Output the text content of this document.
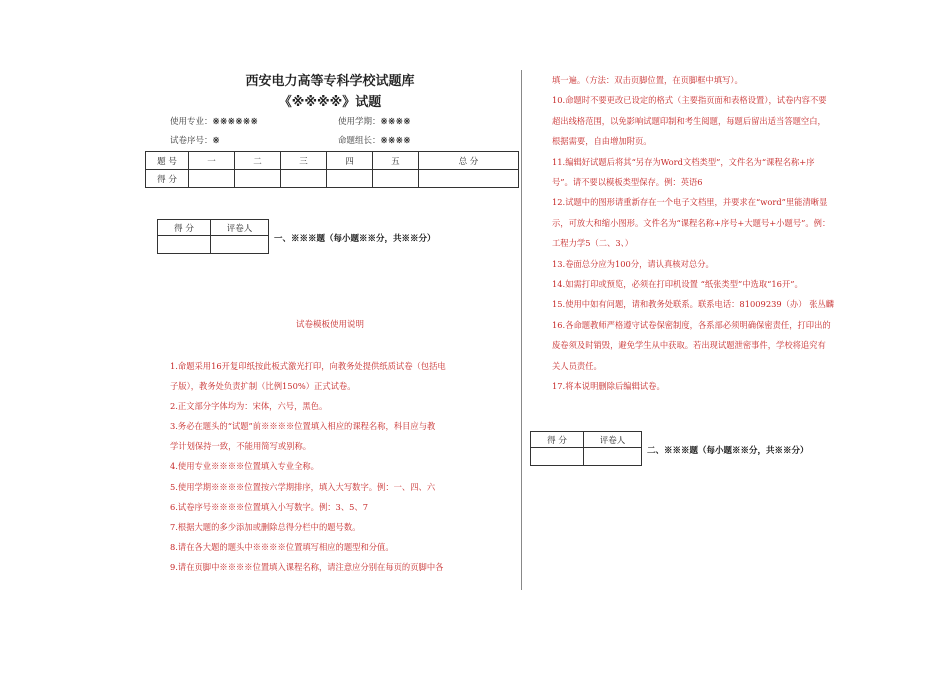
西安电力高等专科学校试题库
《※※※※》试题
使用专业：※※※※※※	使用学期：※※※※
试卷序号：※	命题组长：※※※※
题 号	一	二	三	四	五	总 分
得 分						
得 分	评卷人

一、※※※题（每小题※※分，共※※分）
试卷模板使用说明

1.命题采用16开复印纸按此板式激光打印，向教务处提供纸质试卷（包括电

子版），教务处负责扩制（比例150%）正式试卷。

2.正文部分字体均为：宋体，六号，黑色。

3.务必在题头的“试题”前※※※※位置填入相应的课程名称，科目应与教

学计划保持一致，不能用简写或别称。

4.使用专业※※※※位置填入专业全称。

5.使用学期※※※※位置按六学期排序，填入大写数字。例：一、四、六

6.试卷序号※※※※位置填入小写数字。例：3、5、7

7.根据大题的多少添加或删除总得分栏中的题号数。

8.请在各大题的题头中※※※※位置填写相应的题型和分值。

9.请在页脚中※※※※位置填入课程名称，请注意应分别在每页的页脚中各

填一遍。（方法：双击页脚位置，在页脚框中填写）。

10.命题时不要更改已设定的格式（主要指页面和表格设置），试卷内容不要

超出线格范围，以免影响试题印制和考生阅题，每题后留出适当答题空白，

根据需要，自由增加附页。

11.编辑好试题后将其“另存为Word文档类型”，文件名为“课程名称+序

号”。请不要以模板类型保存。例：英语6

12.试题中的图形请重新存在一个电子文档里，并要求在“word”里能清晰显

示，可放大和缩小图形。文件名为“课程名称+序号+大题号+小题号”。例：

工程力学5（二、3、）

13.卷面总分应为100分，请认真核对总分。

14.如需打印或预览，必须在打印机设置 “纸张类型”中选取“16开”。

15.使用中如有问题，请和教务处联系。联系电话：81009239（办） 张丛麟

16.各命题教师严格遵守试卷保密制度，各系部必须明确保密责任，打印出的

废卷须及时销毁，避免学生从中获取。若出现试题泄密事件，学校将追究有

关人员责任。

17.将本说明删除后编辑试卷。

得 分	评卷人

二、※※※题（每小题※※分，共※※分）
